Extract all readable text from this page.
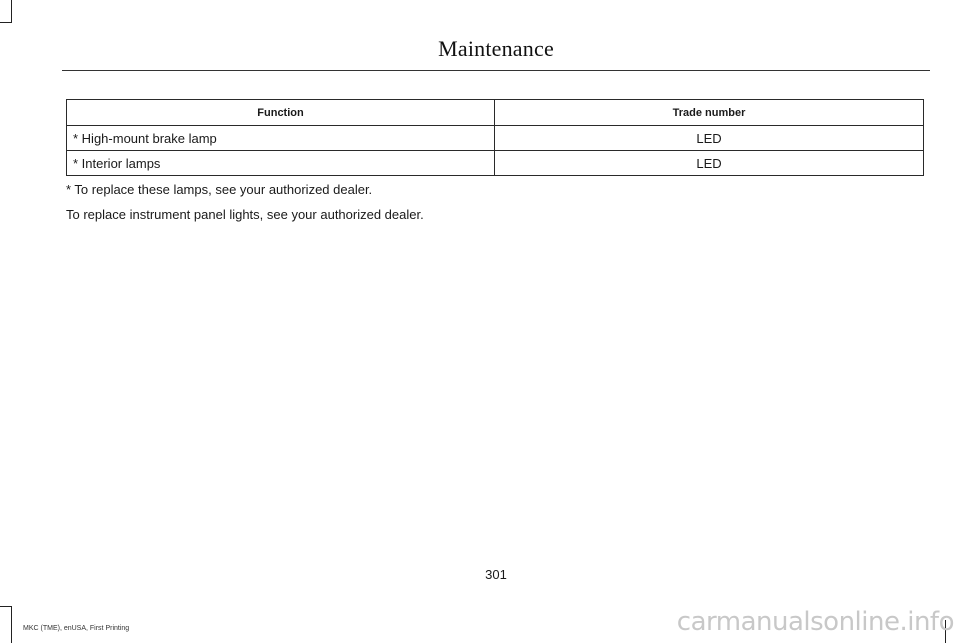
Maintenance
Function	Trade number
* High-mount brake lamp	LED
* Interior lamps	LED
* To replace these lamps, see your authorized dealer.
To replace instrument panel lights, see your authorized dealer.
301
MKC (TME), enUSA, First Printing	carmanualsonline.info
